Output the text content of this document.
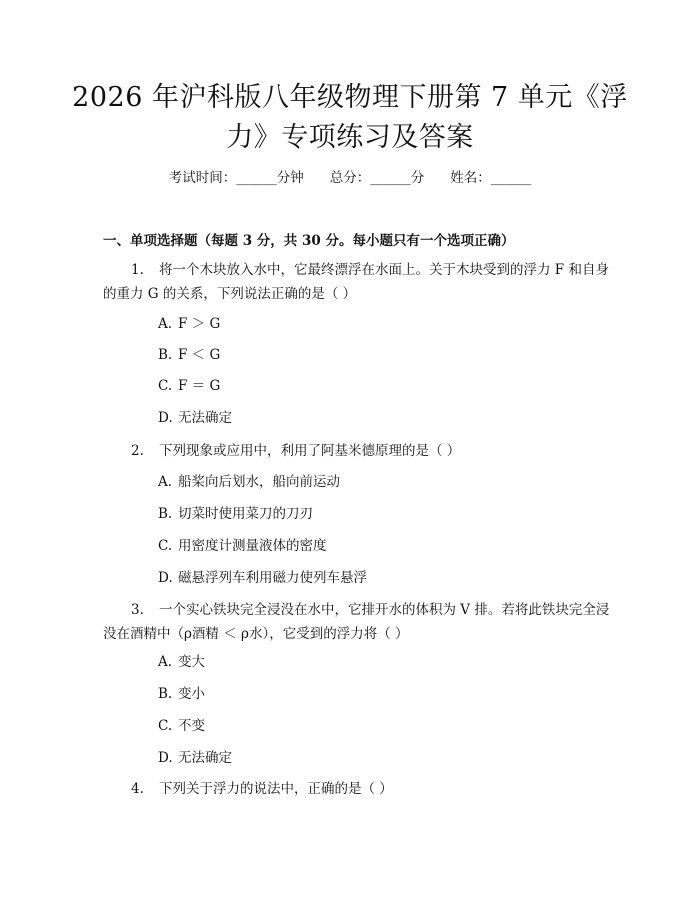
2026 年沪科版八年级物理下册第 7 单元《浮力》专项练习及答案
考试时间：______分钟 总分：______分 姓名：______
一、单项选择题（每题 3 分，共 30 分。每小题只有一个选项正确）
1. 将一个木块放入水中，它最终漂浮在水面上。关于木块受到的浮力 F 和自身的重力 G 的关系，下列说法正确的是（ ）
A. F ＞ G
B. F ＜ G
C. F ＝ G
D. 无法确定
2. 下列现象或应用中，利用了阿基米德原理的是（ ）
A. 船桨向后划水，船向前运动
B. 切菜时使用菜刀的刀刃
C. 用密度计测量液体的密度
D. 磁悬浮列车利用磁力使列车悬浮
3. 一个实心铁块完全浸没在水中，它排开水的体积为 V 排。若将此铁块完全浸没在酒精中（ρ酒精 ＜ ρ水），它受到的浮力将（ ）
A. 变大
B. 变小
C. 不变
D. 无法确定
4. 下列关于浮力的说法中，正确的是（ ）
